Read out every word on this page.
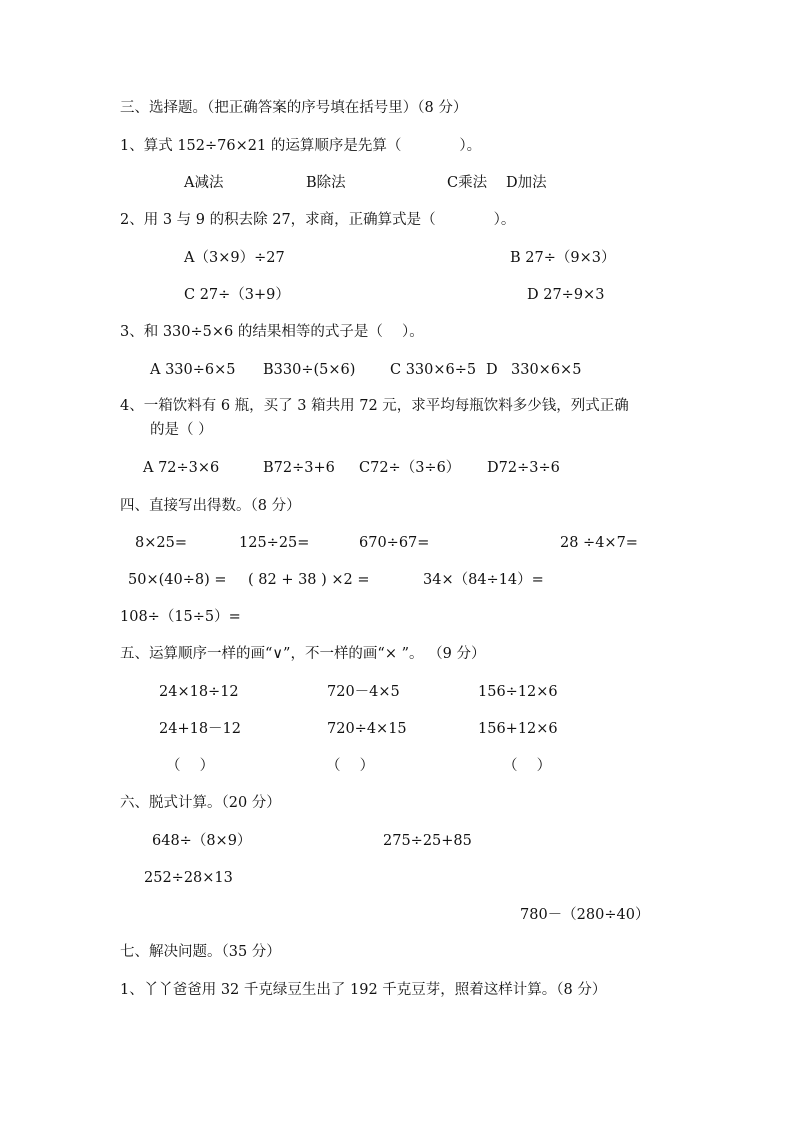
三、选择题。（把正确答案的序号填在括号里）（8 分）
1、算式 152÷76×21 的运算顺序是先算（　　　　）。
A减法	B除法	C乘法 D加法
2、用 3 与 9 的积去除 27，求商，正确算式是（　　　　）。
A（3×9）÷27	B 27÷（9×3）
C 27÷（3+9）	D 27÷9×3
3、和 330÷5×6 的结果相等的式子是（　 ）。
A 330÷6×5 B330÷(5×6) C 330×6÷5 D 330×6×5
4、一箱饮料有 6 瓶，买了 3 箱共用 72 元，求平均每瓶饮料多少钱，列式正确
的是（ ）
A 72÷3×6	B72÷3+6 C72÷（3÷6） D72÷3÷6
四、直接写出得数。（8 分）
8×25=	125÷25=	670÷67=	28 ÷4×7=
50×(40÷8) = ( 82 + 38 ) ×2 =	34×（84÷14）=
108÷（15÷5）=
五、运算顺序一样的画“∨”，不一样的画“× ”。 （9 分）
24×18÷12	720－4×5	156÷12×6
24+18－12	720÷4×15	156+12×6
（　 ）	（　 ）	（　 ）
六、脱式计算。（20 分）
648÷（8×9）	275÷25+85
252÷28×13
780－（280÷40）
七、解决问题。（35 分）
1、丫丫爸爸用 32 千克绿豆生出了 192 千克豆芽，照着这样计算。（8 分）
